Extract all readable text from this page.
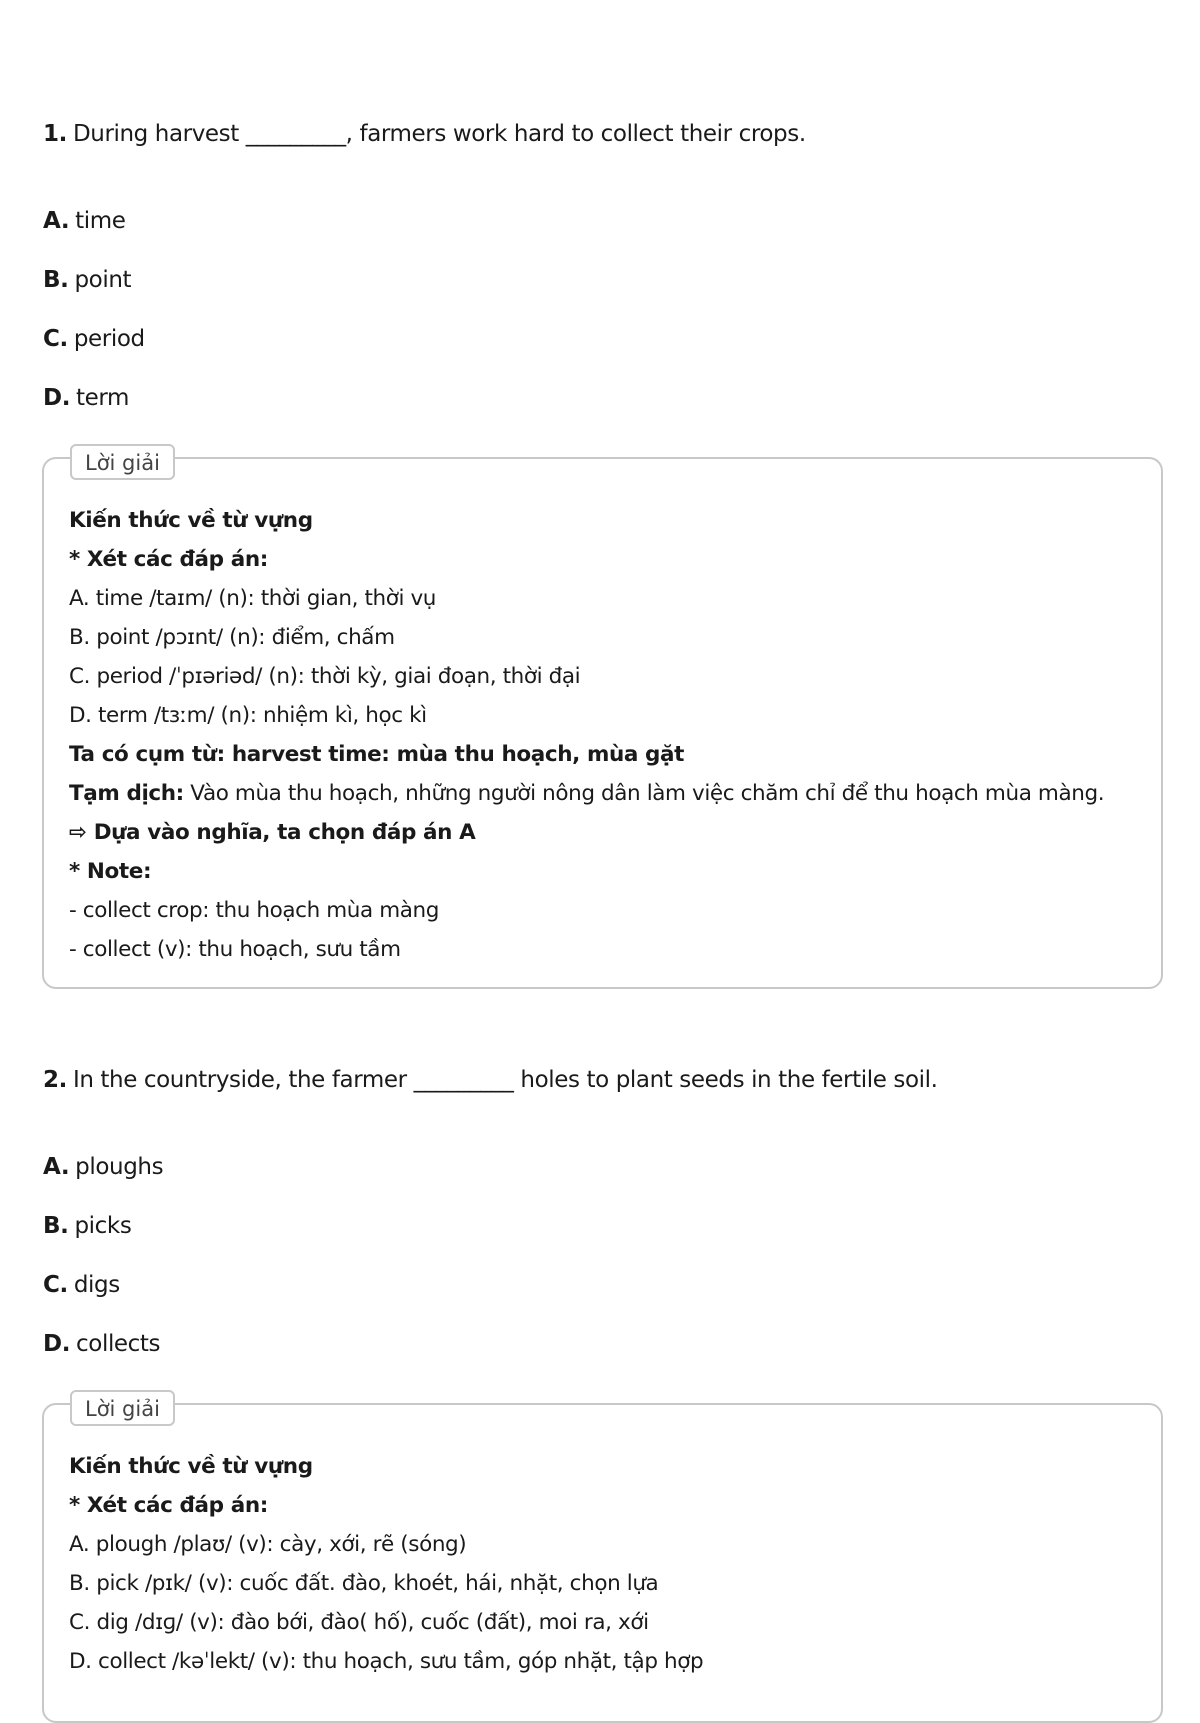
1. During harvest _________, farmers work hard to collect their crops.
A. time
B. point
C. period
D. term
Lời giải
Kiến thức về từ vựng
* Xét các đáp án:
A. time /taɪm/ (n): thời gian, thời vụ
B. point /pɔɪnt/ (n): điểm, chấm
C. period /ˈpɪəriəd/ (n): thời kỳ, giai đoạn, thời đại
D. term /tɜːm/ (n): nhiệm kì, học kì
Ta có cụm từ: harvest time: mùa thu hoạch, mùa gặt
Tạm dịch: Vào mùa thu hoạch, những người nông dân làm việc chăm chỉ để thu hoạch mùa màng.
⇨ Dựa vào nghĩa, ta chọn đáp án A
* Note:
- collect crop: thu hoạch mùa màng
- collect (v): thu hoạch, sưu tầm
2. In the countryside, the farmer _________ holes to plant seeds in the fertile soil.
A. ploughs
B. picks
C. digs
D. collects
Lời giải
Kiến thức về từ vựng
* Xét các đáp án:
A. plough /plaʊ/ (v): cày, xới, rẽ (sóng)
B. pick /pɪk/ (v): cuốc đất. đào, khoét, hái, nhặt, chọn lựa
C. dig /dɪɡ/ (v): đào bới, đào( hố), cuốc (đất), moi ra, xới
D. collect /kəˈlekt/ (v): thu hoạch, sưu tầm, góp nhặt, tập hợp
